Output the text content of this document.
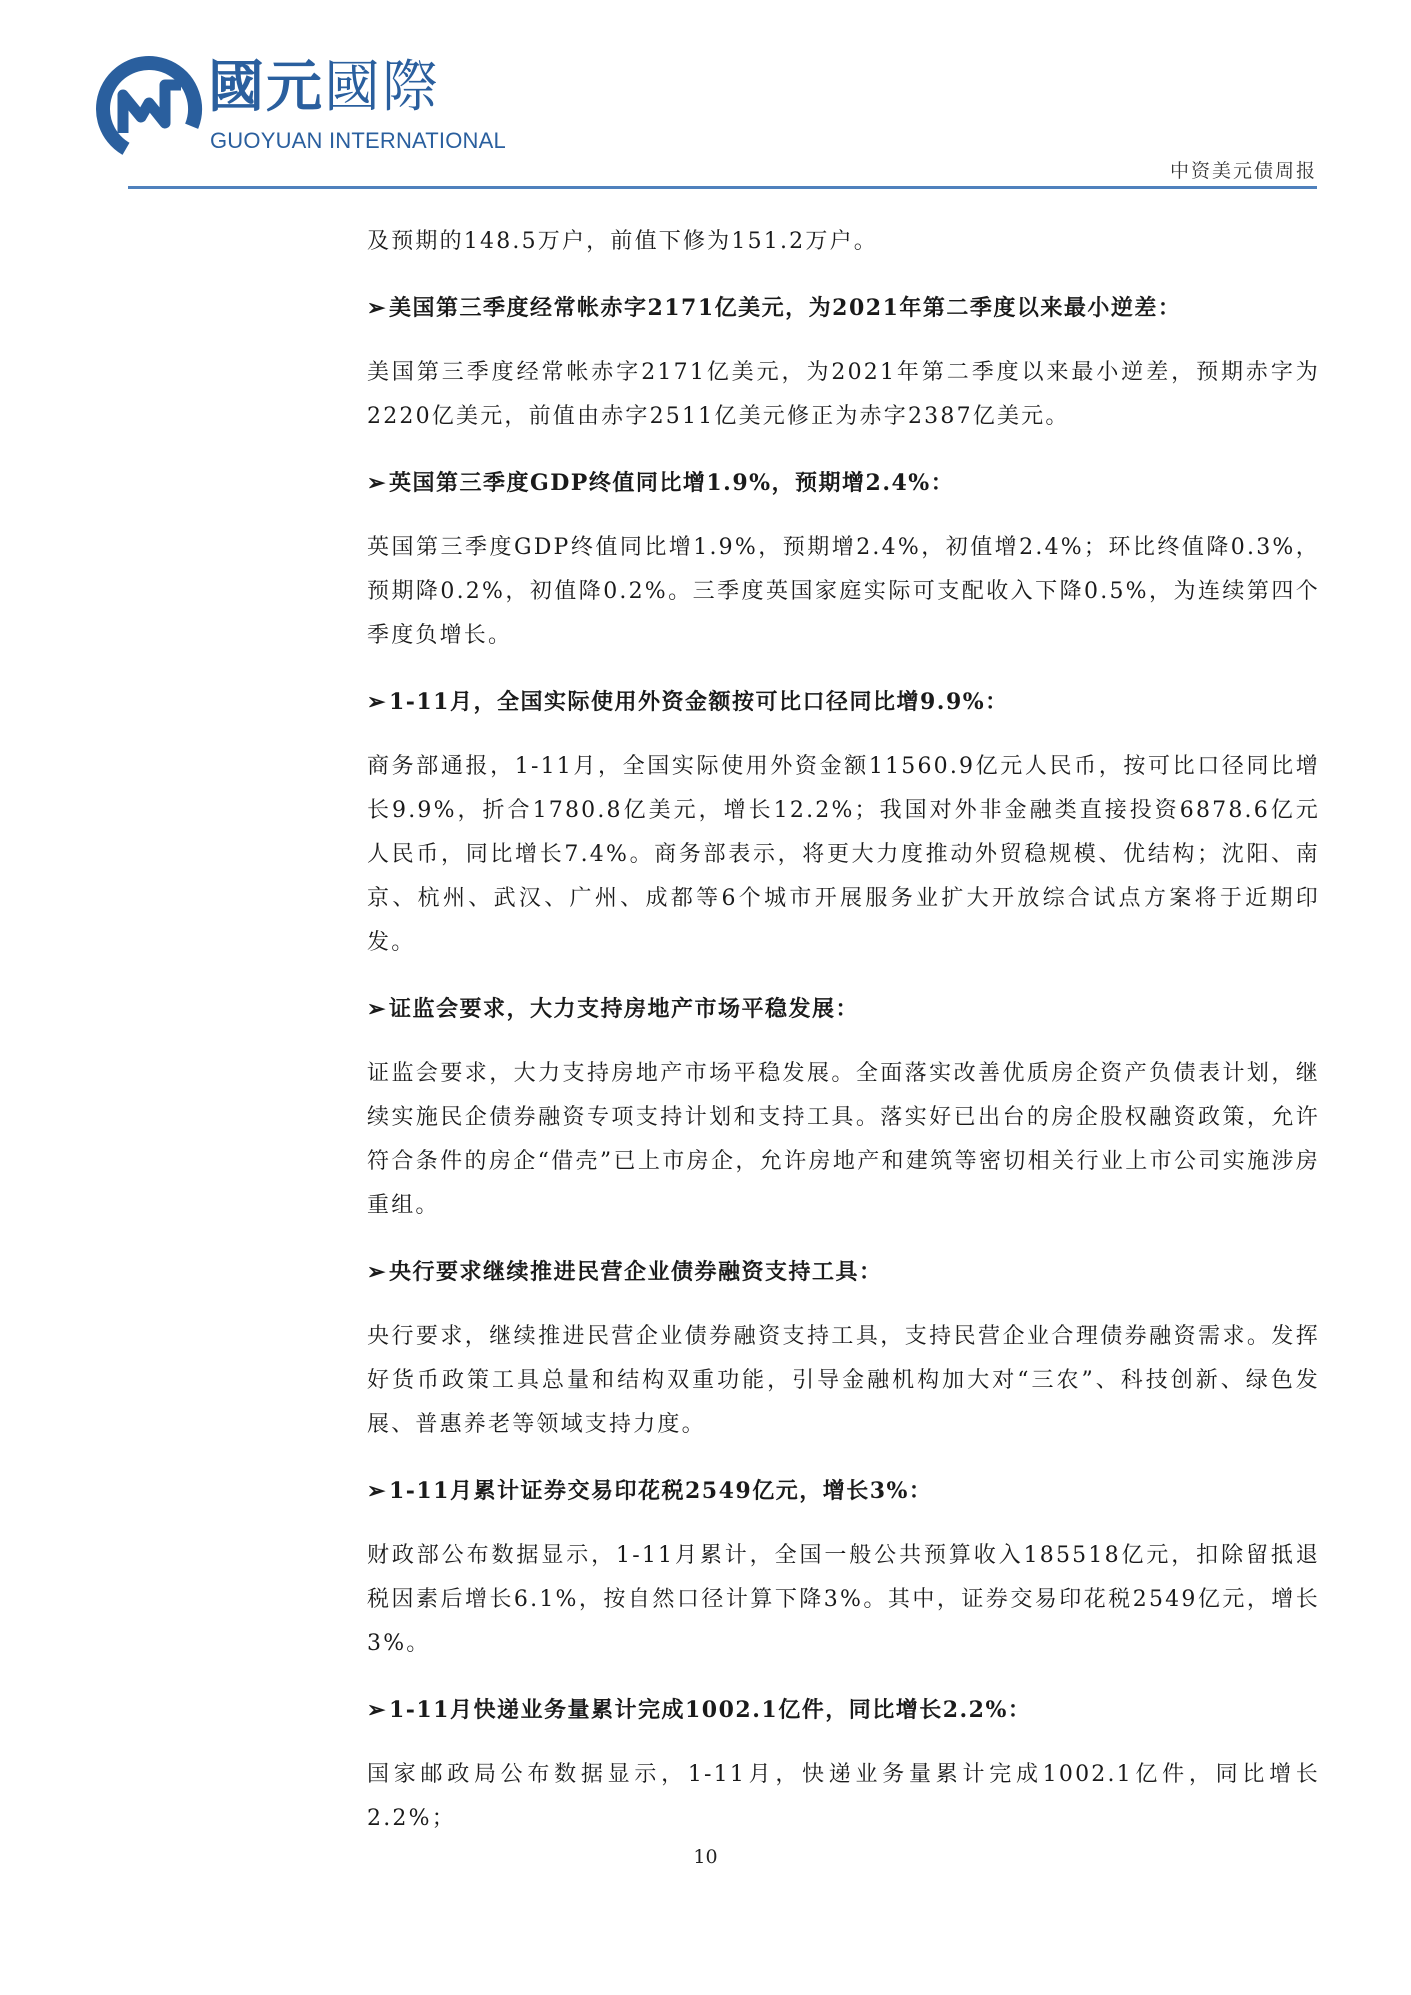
國元國際
GUOYUAN INTERNATIONAL
中资美元债周报

及预期的148.5万户，前值下修为151.2万户。

➢美国第三季度经常帐赤字2171亿美元，为2021年第二季度以来最小逆差：

美国第三季度经常帐赤字2171亿美元，为2021年第二季度以来最小逆差，预期赤字为2220亿美元，前值由赤字2511亿美元修正为赤字2387亿美元。

➢英国第三季度GDP终值同比增1.9%，预期增2.4%：

英国第三季度GDP终值同比增1.9%，预期增2.4%，初值增2.4%；环比终值降0.3%，预期降0.2%，初值降0.2%。三季度英国家庭实际可支配收入下降0.5%，为连续第四个季度负增长。

➢1-11月，全国实际使用外资金额按可比口径同比增9.9%：

商务部通报，1-11月，全国实际使用外资金额11560.9亿元人民币，按可比口径同比增长9.9%，折合1780.8亿美元，增长12.2%；我国对外非金融类直接投资6878.6亿元人民币，同比增长7.4%。商务部表示，将更大力度推动外贸稳规模、优结构；沈阳、南京、杭州、武汉、广州、成都等6个城市开展服务业扩大开放综合试点方案将于近期印发。

➢证监会要求，大力支持房地产市场平稳发展：

证监会要求，大力支持房地产市场平稳发展。全面落实改善优质房企资产负债表计划，继续实施民企债券融资专项支持计划和支持工具。落实好已出台的房企股权融资政策，允许符合条件的房企“借壳”已上市房企，允许房地产和建筑等密切相关行业上市公司实施涉房重组。

➢央行要求继续推进民营企业债券融资支持工具：

央行要求，继续推进民营企业债券融资支持工具，支持民营企业合理债券融资需求。发挥好货币政策工具总量和结构双重功能，引导金融机构加大对“三农”、科技创新、绿色发展、普惠养老等领域支持力度。

➢1-11月累计证券交易印花税2549亿元，增长3%：

财政部公布数据显示，1-11月累计，全国一般公共预算收入185518亿元，扣除留抵退税因素后增长6.1%，按自然口径计算下降3%。其中，证券交易印花税2549亿元，增长3%。

➢1-11月快递业务量累计完成1002.1亿件，同比增长2.2%：

国家邮政局公布数据显示，1-11月，快递业务量累计完成1002.1亿件，同比增长2.2%；

10
